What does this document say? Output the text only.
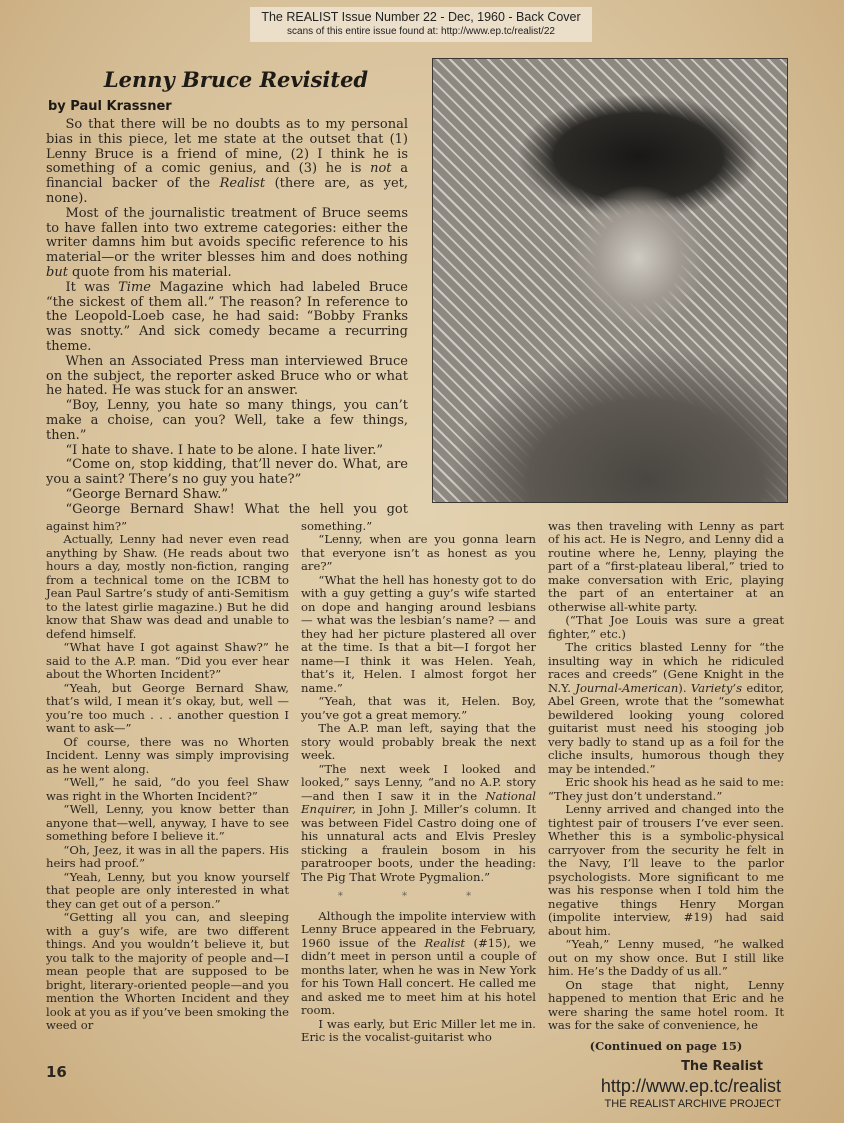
The REALIST Issue Number 22 - Dec, 1960 - Back Cover
scans of this entire issue found at: http://www.ep.tc/realist/22
Lenny Bruce Revisited
by Paul Krassner

So that there will be no doubts as to my personal bias in this piece, let me state at the outset that (1) Lenny Bruce is a friend of mine, (2) I think he is something of a comic genius, and (3) he is not a financial backer of the Realist (there are, as yet, none).

Most of the journalistic treatment of Bruce seems to have fallen into two extreme categories: either the writer damns him but avoids specific reference to his material—or the writer blesses him and does nothing but quote from his material.

It was Time Magazine which had labeled Bruce “the sickest of them all.” The reason? In reference to the Leopold-Loeb case, he had said: “Bobby Franks was snotty.” And sick comedy became a recurring theme.

When an Associated Press man interviewed Bruce on the subject, the reporter asked Bruce who or what he hated. He was stuck for an answer.

“Boy, Lenny, you hate so many things, you can’t make a choise, can you? Well, take a few things, then.”

“I hate to shave. I hate to be alone. I hate liver.”

“Come on, stop kidding, that’ll never do. What, are you a saint? There’s no guy you hate?”

“George Bernard Shaw.”

“George Bernard Shaw! What the hell you got

against him?”

Actually, Lenny had never even read anything by Shaw. (He reads about two hours a day, mostly non-fiction, ranging from a technical tome on the ICBM to Jean Paul Sartre’s study of anti-Semitism to the latest girlie magazine.) But he did know that Shaw was dead and unable to defend himself.

“What have I got against Shaw?” he said to the A.P. man. “Did you ever hear about the Whorten Incident?”

“Yeah, but George Bernard Shaw, that’s wild, I mean it’s okay, but, well —you’re too much . . . another question I want to ask—”

Of course, there was no Whorten Incident. Lenny was simply improvising as he went along.

“Well,” he said, “do you feel Shaw was right in the Whorten Incident?”

“Well, Lenny, you know better than anyone that—well, anyway, I have to see something before I believe it.”

“Oh, Jeez, it was in all the papers. His heirs had proof.”

“Yeah, Lenny, but you know yourself that people are only interested in what they can get out of a person.”

“Getting all you can, and sleeping with a guy’s wife, are two different things. And you wouldn’t believe it, but you talk to the majority of people and—I mean people that are supposed to be bright, literary-oriented people—and you mention the Whorten Incident and they look at you as if you’ve been smoking the weed or

something.”

“Lenny, when are you gonna learn that everyone isn’t as honest as you are?”

“What the hell has honesty got to do with a guy getting a guy’s wife started on dope and hanging around lesbians — what was the lesbian’s name? — and they had her picture plastered all over at the time. Is that a bit—I forgot her name—I think it was Helen. Yeah, that’s it, Helen. I almost forgot her name.”

“Yeah, that was it, Helen. Boy, you’ve got a great memory.”

The A.P. man left, saying that the story would probably break the next week.

“The next week I looked and looked,” says Lenny, “and no A.P. story—and then I saw it in the National Enquirer, in John J. Miller’s column. It was between Fidel Castro doing one of his unnatural acts and Elvis Presley sticking a fraulein bosom in his paratrooper boots, under the heading: The Pig That Wrote Pygmalion.”

* * *

Although the impolite interview with Lenny Bruce appeared in the February, 1960 issue of the Realist (#15), we didn’t meet in person until a couple of months later, when he was in New York for his Town Hall concert. He called me and asked me to meet him at his hotel room.

I was early, but Eric Miller let me in. Eric is the vocalist-guitarist who

was then traveling with Lenny as part of his act. He is Negro, and Lenny did a routine where he, Lenny, playing the part of a “first-plateau liberal,” tried to make conversation with Eric, playing the part of an entertainer at an otherwise all-white party.

(“That Joe Louis was sure a great fighter,” etc.)

The critics blasted Lenny for “the insulting way in which he ridiculed races and creeds” (Gene Knight in the N.Y. Journal-American). Variety’s editor, Abel Green, wrote that the “somewhat bewildered looking young colored guitarist must need his stooging job very badly to stand up as a foil for the cliche insults, humorous though they may be intended.”

Eric shook his head as he said to me: “They just don’t understand.”

Lenny arrived and changed into the tightest pair of trousers I’ve ever seen. Whether this is a symbolic-physical carryover from the security he felt in the Navy, I’ll leave to the parlor psychologists. More significant to me was his response when I told him the negative things Henry Morgan (impolite interview, #19) had said about him.

“Yeah,” Lenny mused, “he walked out on my show once. But I still like him. He’s the Daddy of us all.”

On stage that night, Lenny happened to mention that Eric and he were sharing the same hotel room. It was for the sake of convenience, he

(Continued on page 15)
16	The Realist
http://www.ep.tc/realist
THE REALIST ARCHIVE PROJECT
